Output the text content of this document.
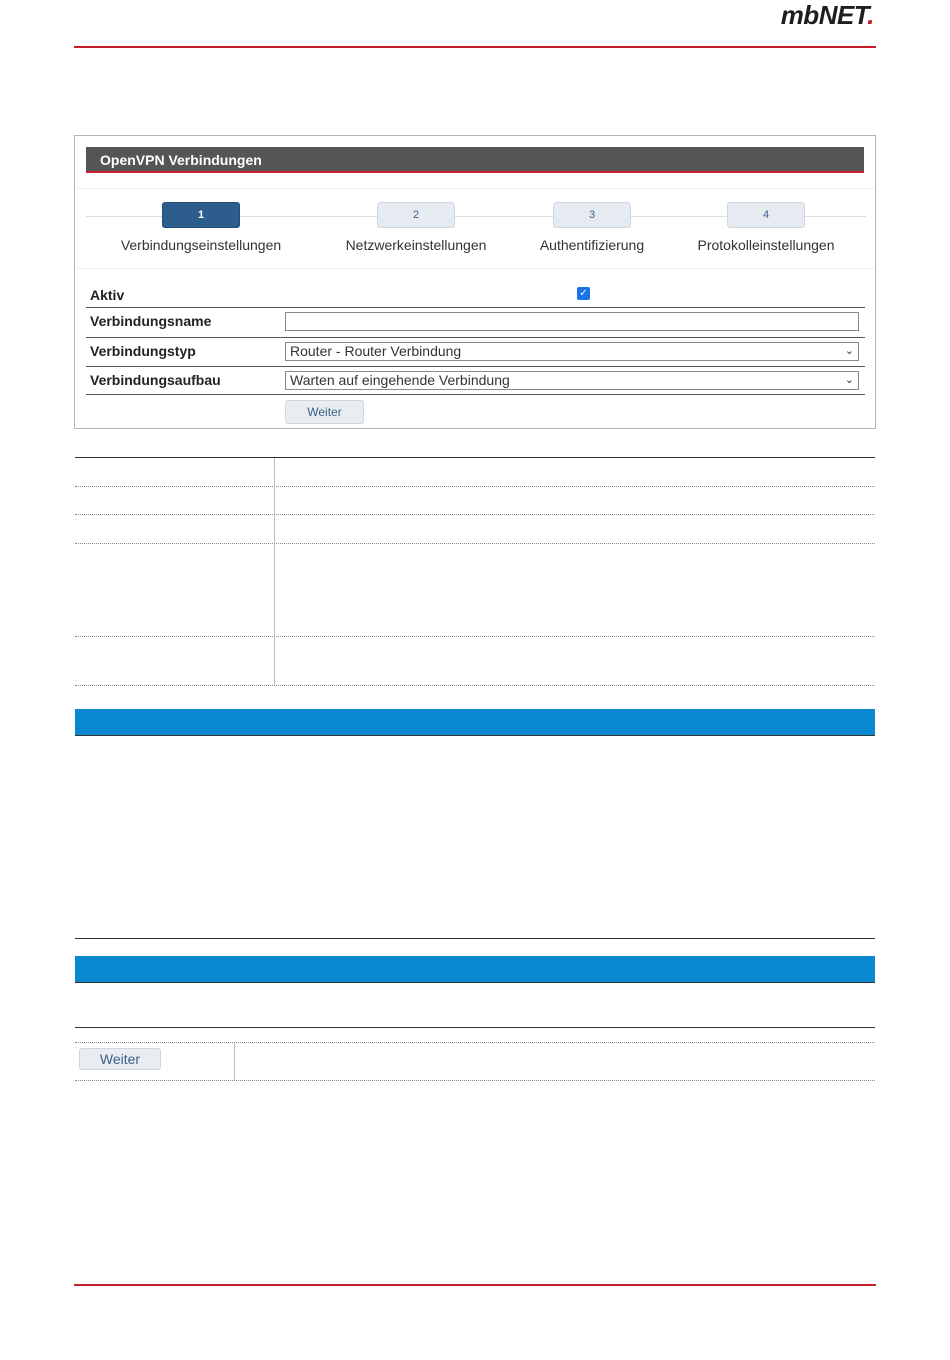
mbNET.
OpenVPN Verbindungen
1
Verbindungseinstellungen
2
Netzwerkeinstellungen
3
Authentifizierung
4
Protokolleinstellungen
Aktiv	✓
Verbindungsname
Verbindungstyp	Router - Router Verbindung	⌄
Verbindungsaufbau	Warten auf eingehende Verbindung	⌄
Weiter
Weiter
